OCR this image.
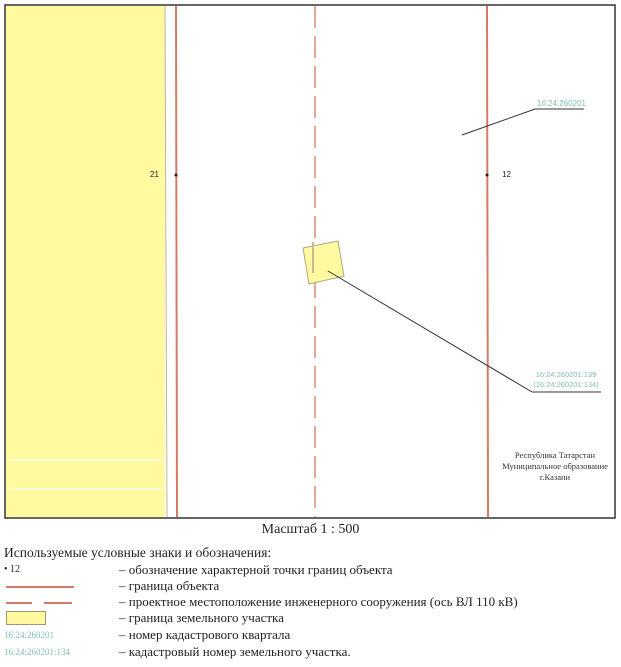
21	12
16:24:260201
16:24:260201:139
(16:24:260201:134)
Республика Татарстан
Муниципальное образование
г.Казани
Масштаб 1 : 500
Используемые условные знаки и обозначения:
• 12	– обозначение характерной точки границ объекта
– граница объекта
– проектное местоположение инженерного сооружения (ось ВЛ 110 кВ)
– граница земельного участка
16:24:260201	– номер кадастрового квартала
16:24:260201:134	– кадастровый номер земельного участка.
